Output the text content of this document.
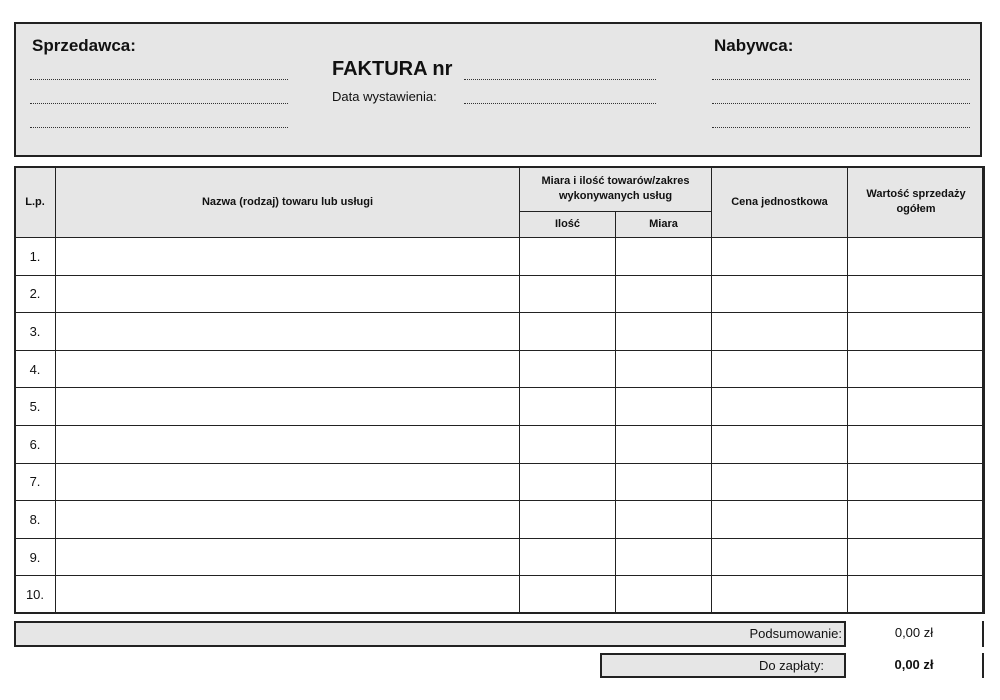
Sprzedawca:
FAKTURA nr
Data wystawienia:
Nabywca:
L.p.	Nazwa (rodzaj) towaru lub usługi	Miara i ilość towarów/zakres wykonywanych usług		Cena jednostkowa	Wartość sprzedaży ogółem
		Ilość	Miara		
1.					
2.					
3.					
4.					
5.					
6.					
7.					
8.					
9.					
10.					
Podsumowanie:	0,00 zł
Do zapłaty:	0,00 zł
